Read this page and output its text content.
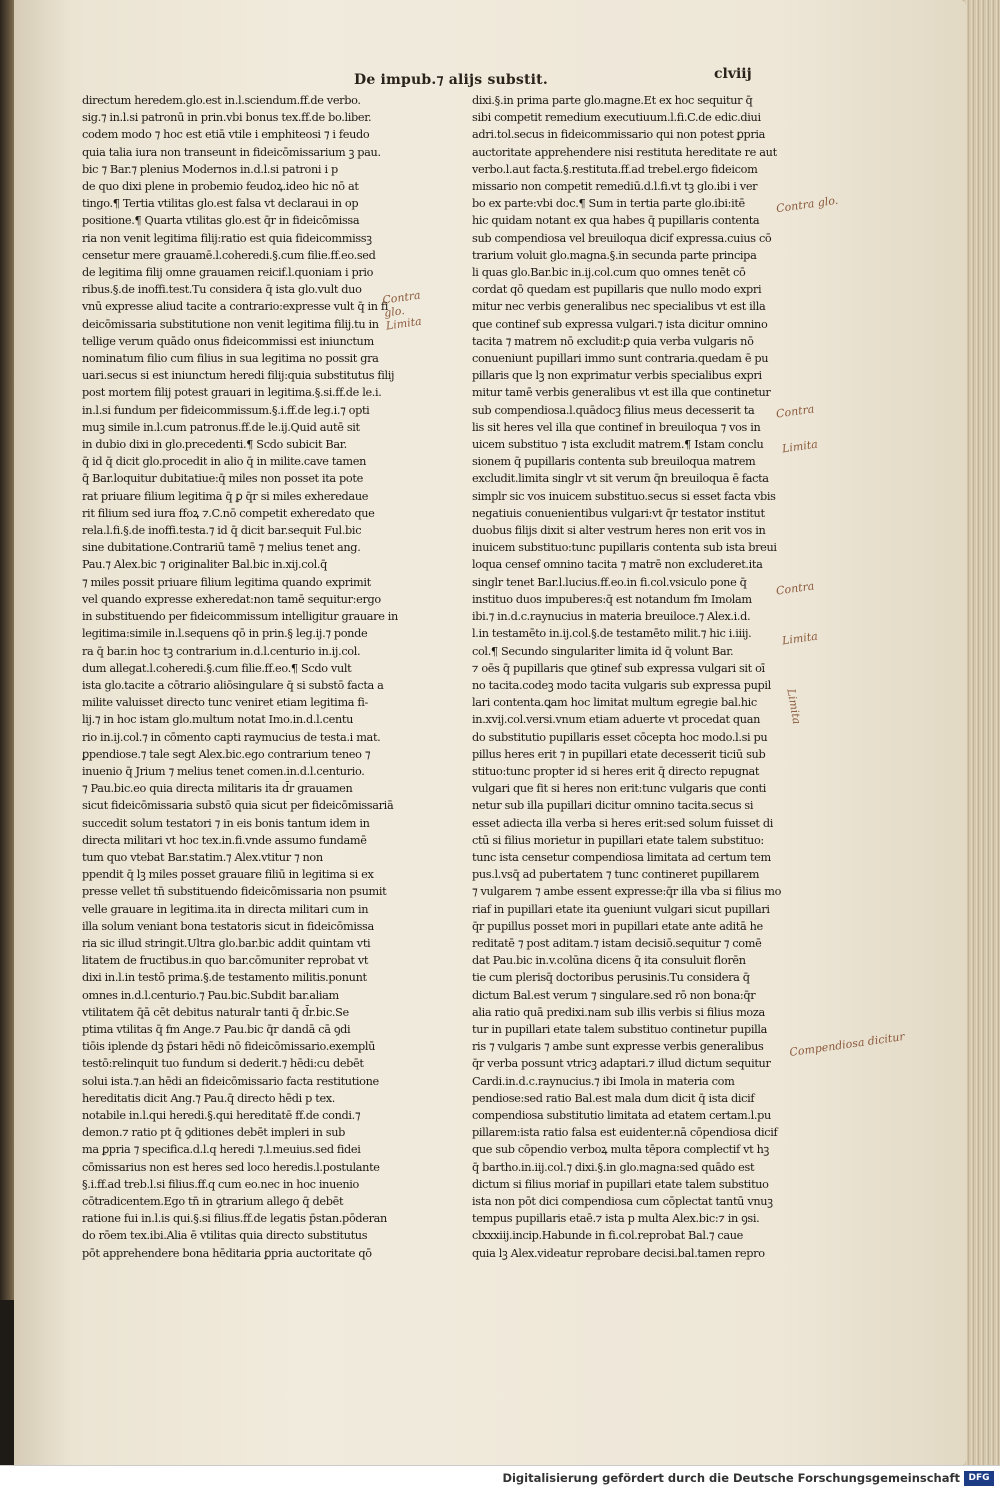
De impub.⁊ alijs substit.	clviij
directum heredem.glo.est in.l.sciendum.ff.de verbo.
sig.⁊ in.l.si patronū in prin.vbi bonus tex.ff.de bo.liber.
codem modo ⁊ hoc est etiā vtile i emphiteosi ⁊ i feudo
quia talia iura non transeunt in fideicōmissarium ꝫ pau.
bic ⁊ Bar.⁊ plenius Modernos in.d.l.si patroni i p
de quo dixi plene in probemio feudoꝝ.ideo hic nō at
tingo.¶ Tertia vtilitas glo.est falsa vt declaraui in op
positione.¶ Quarta vtilitas glo.est q̄r in fideicōmissa
ria non venit legitima filij:ratio est quia fideicommissꝫ
censetur mere grauamē.l.coheredi.§.cum filie.ff.eo.sed
de legitima filij omne grauamen reicif.l.quoniam i prio
ribus.§.de inoffi.test.Tu considera q̄ ista glo.vult duo
vnū expresse aliud tacite a contrario:expresse vult q̄ in fi
deicōmissaria substitutione non venit legitima filij.tu in
tellige verum quādo onus fideicommissi est iniunctum
nominatum filio cum filius in sua legitima no possit gra
uari.secus si est iniunctum heredi filij:quia substitutus filij
post mortem filij potest grauari in legitima.§.si.ff.de le.i.
in.l.si fundum per fideicommissum.§.i.ff.de leg.i.⁊ opti
muꝫ simile in.l.cum patronus.ff.de le.ij.Quid autē sit
in dubio dixi in glo.precedenti.¶ Scdo subicit Bar.
q̄ id q̄ dicit glo.procedit in alio q̄ in milite.cave tamen
q̄ Bar.loquitur dubitatiue:q̄ miles non posset ita pote
rat priuare filium legitima q̄ ꝑ q̄r si miles exheredaue
rit filium sed iura ffoꝝ ⁊.C.nō competit exheredato que
rela.l.fi.§.de inoffi.testa.⁊ id q̄ dicit bar.sequit Ful.bic
sine dubitatione.Contrariū tamē ⁊ melius tenet ang.
Pau.⁊ Alex.bic ⁊ originaliter Bal.bic in.xij.col.q̄
⁊ miles possit priuare filium legitima quando exprimit
vel quando expresse exheredat:non tamē sequitur:ergo
in substituendo per fideicommissum intelligitur grauare in
legitima:simile in.l.sequens qō in prin.§ leg.ij.⁊ ponde
ra q̄ bar.in hoc tꝫ contrarium in.d.l.centurio in.ij.col.
dum allegat.l.coheredi.§.cum filie.ff.eo.¶ Scdo vult
ista glo.tacite a cōtrario aliōsingulare q̄ si substō facta a
milite valuisset directo tunc veniret etiam legitima fi-
lij.⁊ in hoc istam glo.multum notat Imo.in.d.l.centu
rio in.ij.col.⁊ in cōmento capti raymucius de testa.i mat.
ꝑpendiose.⁊ tale segt Alex.bic.ego contrarium teneo ⁊
inuenio q̄ Jrium ⁊ melius tenet comen.in.d.l.centurio.
⁊ Pau.bic.eo quia directa militaris ita d̄r grauamen
sicut fideicōmissaria substō quia sicut per fideicōmissariā
succedit solum testatori ⁊ in eis bonis tantum idem in
directa militari vt hoc tex.in.fi.vnde assumo fundamē
tum quo vtebat Bar.statim.⁊ Alex.vtitur ⁊ non
ppendit q̄ lꝫ miles posset grauare filiū in legitima si ex
presse vellet tn̄ substituendo fideicōmissaria non psumit
velle grauare in legitima.ita in directa militari cum in
illa solum veniant bona testatoris sicut in fideicōmissa
ria sic illud stringit.Ultra glo.bar.bic addit quintam vti
litatem de fructibus.in quo bar.cōmuniter reprobat vt
dixi in.l.in testō prima.§.de testamento militis.ponunt
omnes in.d.l.centurio.⁊ Pau.bic.Subdit bar.aliam
vtilitatem q̄ā cēt debitus naturalr tanti q̄ d̄r.bic.Se
ptima vtilitas q̄ fm Ange.⁊ Pau.bic q̄r dandā cā ꝯdi
tiōis iplende dꝫ p̄stari hēdi nō fideicōmissario.exemplū
testō:relinquit tuo fundum si dederit.⁊ hēdi:cu debēt
solui ista.⁊.an hēdi an fideicōmissario facta restitutione
hereditatis dicit Ang.⁊ Pau.q̄ directo hēdi p tex.
notabile in.l.qui heredi.§.qui hereditatē ff.de condi.⁊
demon.⁊ ratio pt q̄ ꝯditiones debēt impleri in sub
ma ꝑpria ⁊ specifica.d.l.q heredi ⁊.l.meuius.sed fidei
cōmissarius non est heres sed loco heredis.l.postulante
§.i.ff.ad treb.l.si filius.ff.q cum eo.nec in hoc inuenio
cōtradicentem.Ego tn̄ in ꝯtrarium allego q̄ debēt
ratione fui in.l.is qui.§.si filius.ff.de legatis p̄stan.pōderan
do rōem tex.ibi.Alia ē vtilitas quia directo substitutus
pōt apprehendere bona hēditaria ꝑpria auctoritate qō
dixi.§.in prima parte glo.magne.Et ex hoc sequitur q̄
sibi competit remedium executiuum.l.fi.C.de edic.diui
adri.tol.secus in fideicommissario qui non potest ꝑpria
auctoritate apprehendere nisi restituta hereditate re aut
verbo.l.aut facta.§.restituta.ff.ad trebel.ergo fideicom
missario non competit remediū.d.l.fi.vt tꝫ glo.ibi i ver
bo ex parte:vbi doc.¶ Sum in tertia parte glo.ibi:itē
hic quidam notant ex qua habes q̄ pupillaris contenta
sub compendiosa vel breuiloqua dicif expressa.cuius cō
trarium voluit glo.magna.§.in secunda parte principa
li quas glo.Bar.bic in.ij.col.cum quo omnes tenēt cō
cordat qō quedam est pupillaris que nullo modo expri
mitur nec verbis generalibus nec specialibus vt est illa
que continef sub expressa vulgari.⁊ ista dicitur omnino
tacita ⁊ matrem nō excludit:ꝑ quia verba vulgaris nō
conueniunt pupillari immo sunt contraria.quedam ē pu
pillaris que lꝫ non exprimatur verbis specialibus expri
mitur tamē verbis generalibus vt est illa que continetur
sub compendiosa.l.quādocꝫ filius meus decesserit ta
lis sit heres vel illa que continef in breuiloqua ⁊ vos in
uicem substituo ⁊ ista excludit matrem.¶ Istam conclu
sionem q̄ pupillaris contenta sub breuiloqua matrem
excludit.limita singlr vt sit verum q̄n breuiloqua ē facta
simplr sic vos inuicem substituo.secus si esset facta vbis
negatiuis conuenientibus vulgari:vt q̄r testator institut
duobus filijs dixit si alter vestrum heres non erit vos in
inuicem substituo:tunc pupillaris contenta sub ista breui
loqua censef omnino tacita ⁊ matrē non excluderet.ita
singlr tenet Bar.l.lucius.ff.eo.in fi.col.vsiculo pone q̄
instituo duos impuberes:q̄ est notandum fm Imolam
ibi.⁊ in.d.c.raynucius in materia breuiloce.⁊ Alex.i.d.
l.in testamēto in.ij.col.§.de testamēto milit.⁊ hic i.iiij.
col.¶ Secundo singulariter limita id q̄ volunt Bar.
⁊ oēs q̄ pupillaris que ꝯtinef sub expressa vulgari sit oī
no tacita.codeꝫ modo tacita vulgaris sub expressa pupil
lari contenta.ꝗam hoc limitat multum egregie bal.hic
in.xvij.col.versi.vnum etiam aduerte vt procedat quan
do substitutio pupillaris esset cōcepta hoc modo.l.si pu
pillus heres erit ⁊ in pupillari etate decesserit ticiū sub
stituo:tunc propter id si heres erit q̄ directo repugnat
vulgari que fit si heres non erit:tunc vulgaris que conti
netur sub illa pupillari dicitur omnino tacita.secus si
esset adiecta illa verba si heres erit:sed solum fuisset di
ctū si filius morietur in pupillari etate talem substituo:
tunc ista censetur compendiosa limitata ad certum tem
pus.l.vsq̄ ad pubertatem ⁊ tunc contineret pupillarem
⁊ vulgarem ⁊ ambe essent expresse:q̄r illa vba si filius mo
riaf in pupillari etate ita ꝯueniunt vulgari sicut pupillari
q̄r pupillus posset mori in pupillari etate ante aditā he
reditatē ⁊ post aditam.⁊ istam decisiō.sequitur ⁊ comē
dat Pau.bic in.v.colūna dicens q̄ ita consuluit florēn
tie cum plerisq̄ doctoribus perusinis.Tu considera q̄
dictum Bal.est verum ⁊ singulare.sed rō non bona:q̄r
alia ratio quā predixi.nam sub illis verbis si filius moza
tur in pupillari etate talem substituo continetur pupilla
ris ⁊ vulgaris ⁊ ambe sunt expresse verbis generalibus
q̄r verba possunt vtricꝫ adaptari.⁊ illud dictum sequitur
Cardi.in.d.c.raynucius.⁊ ibi Imola in materia com
pendiose:sed ratio Bal.est mala dum dicit q̄ ista dicif
compendiosa substitutio limitata ad etatem certam.l.pu
pillarem:ista ratio falsa est euidenter.nā cōpendiosa dicif
que sub cōpendio verboꝝ multa tēpora complectif vt hꝫ
q̄ bartho.in.iij.col.⁊ dixi.§.in glo.magna:sed quādo est
dictum si filius moriaf in pupillari etate talem substituo
ista non pōt dici compendiosa cum cōplectat tantū vnuꝫ
tempus pupillaris etaē.⁊ ista p multa Alex.bic:⁊ in ꝯsi.
clxxxiij.incip.Habunde in fi.col.reprobat Bal.⁊ caue
quia lꝫ Alex.videatur reprobare decisi.bal.tamen repro
Contra glo.
Contra glo. Limita
Contra
Limita
Limita
Contra
Limita
Compendiosa dicitur
Digitalisierung gefördert durch die Deutsche Forschungsgemeinschaft DFG
